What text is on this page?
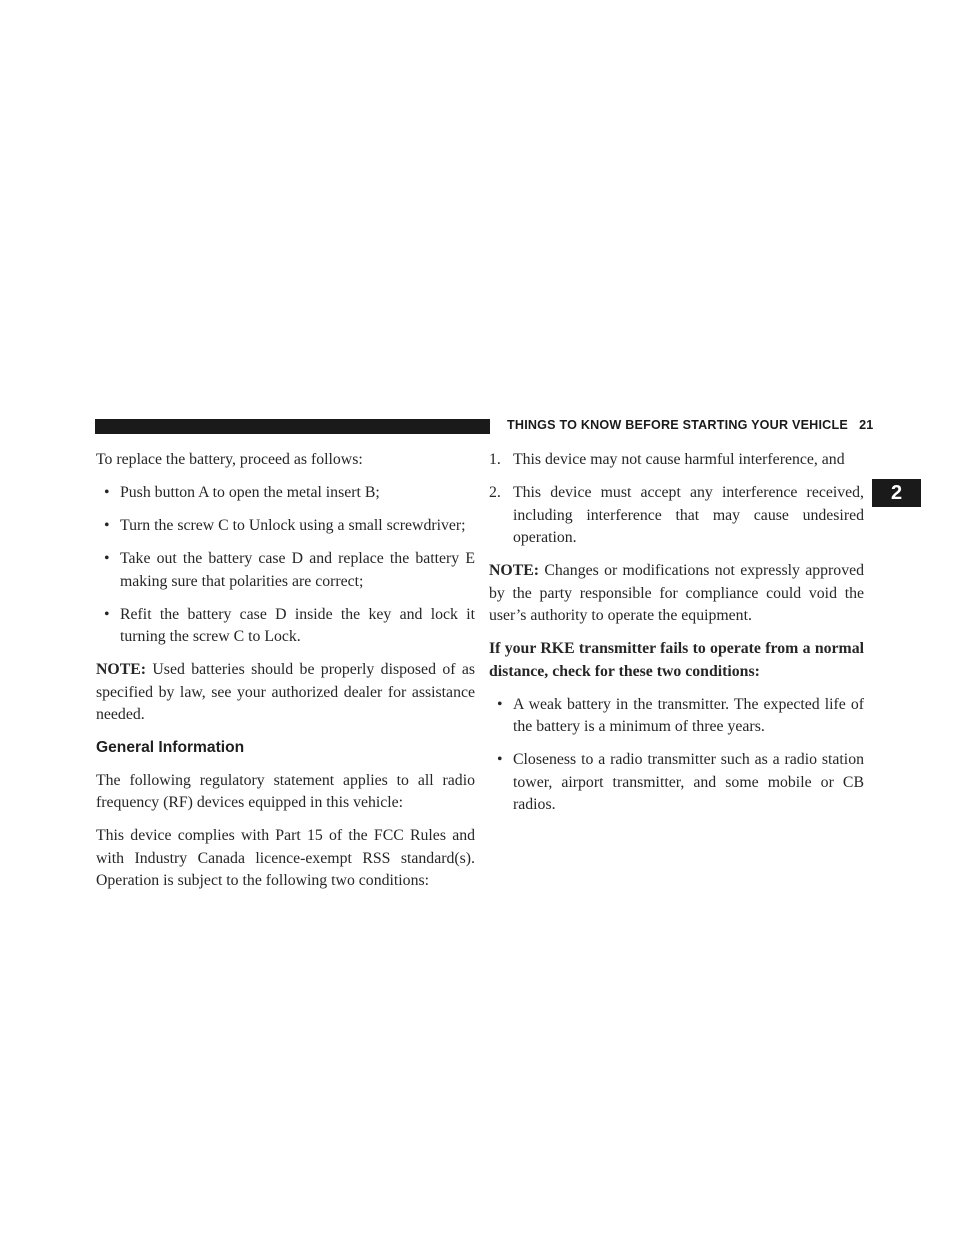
THINGS TO KNOW BEFORE STARTING YOUR VEHICLE 21
2

To replace the battery, proceed as follows:

• Push button A to open the metal insert B;
• Turn the screw C to Unlock using a small screwdriver;
• Take out the battery case D and replace the battery E making sure that polarities are correct;
• Refit the battery case D inside the key and lock it turning the screw C to Lock.

NOTE: Used batteries should be properly disposed of as specified by law, see your authorized dealer for assistance needed.

General Information

The following regulatory statement applies to all radio frequency (RF) devices equipped in this vehicle:

This device complies with Part 15 of the FCC Rules and with Industry Canada licence-exempt RSS standard(s). Operation is subject to the following two conditions:

1. This device may not cause harmful interference, and
2. This device must accept any interference received, including interference that may cause undesired operation.

NOTE: Changes or modifications not expressly approved by the party responsible for compliance could void the user’s authority to operate the equipment.

If your RKE transmitter fails to operate from a normal distance, check for these two conditions:

• A weak battery in the transmitter. The expected life of the battery is a minimum of three years.
• Closeness to a radio transmitter such as a radio station tower, airport transmitter, and some mobile or CB radios.
